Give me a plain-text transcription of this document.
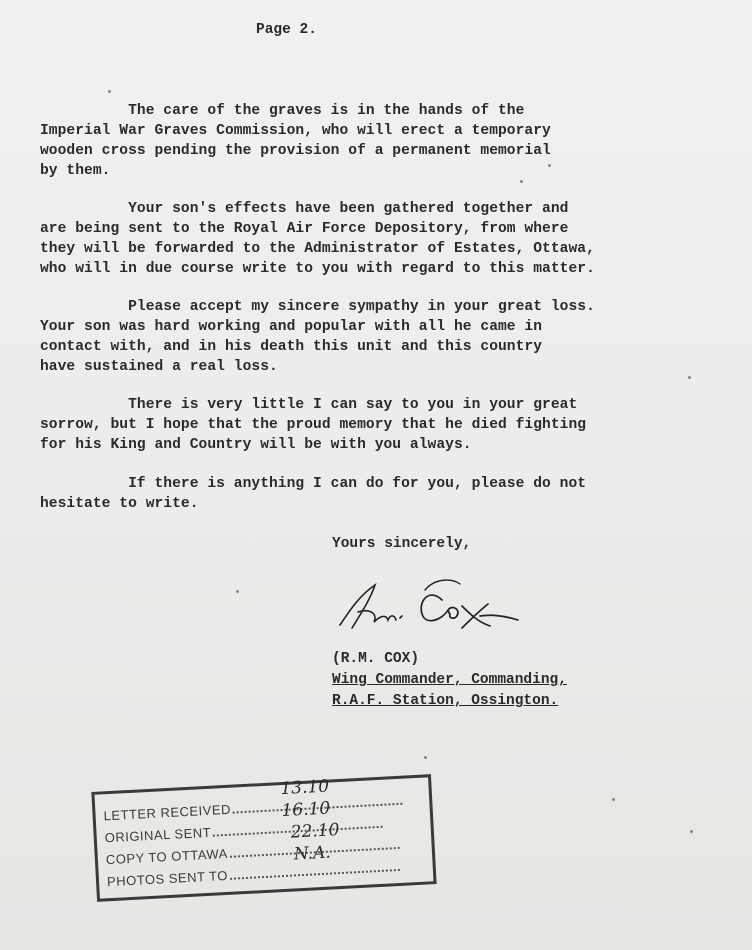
Page 2.
The care of the graves is in the hands of the
Imperial War Graves Commission, who will erect a temporary
wooden cross pending the provision of a permanent memorial
by them.
Your son's effects have been gathered together and
are being sent to the Royal Air Force Depository, from where
they will be forwarded to the Administrator of Estates, Ottawa,
who will in due course write to you with regard to this matter.
Please accept my sincere sympathy in your great loss.
Your son was hard working and popular with all he came in
contact with, and in his death this unit and this country
have sustained a real loss.
There is very little I can say to you in your great
sorrow, but I hope that the proud memory that he died fighting
for his King and Country will be with you always.
If there is anything I can do for you, please do not
hesitate to write.
Yours sincerely,
(R.M. COX)
Wing Commander, Commanding,
R.A.F. Station, Ossington.
LETTER RECEIVED
13.10
ORIGINAL SENT
16.10
COPY TO OTTAWA
22.10
PHOTOS SENT TO
N.A.
